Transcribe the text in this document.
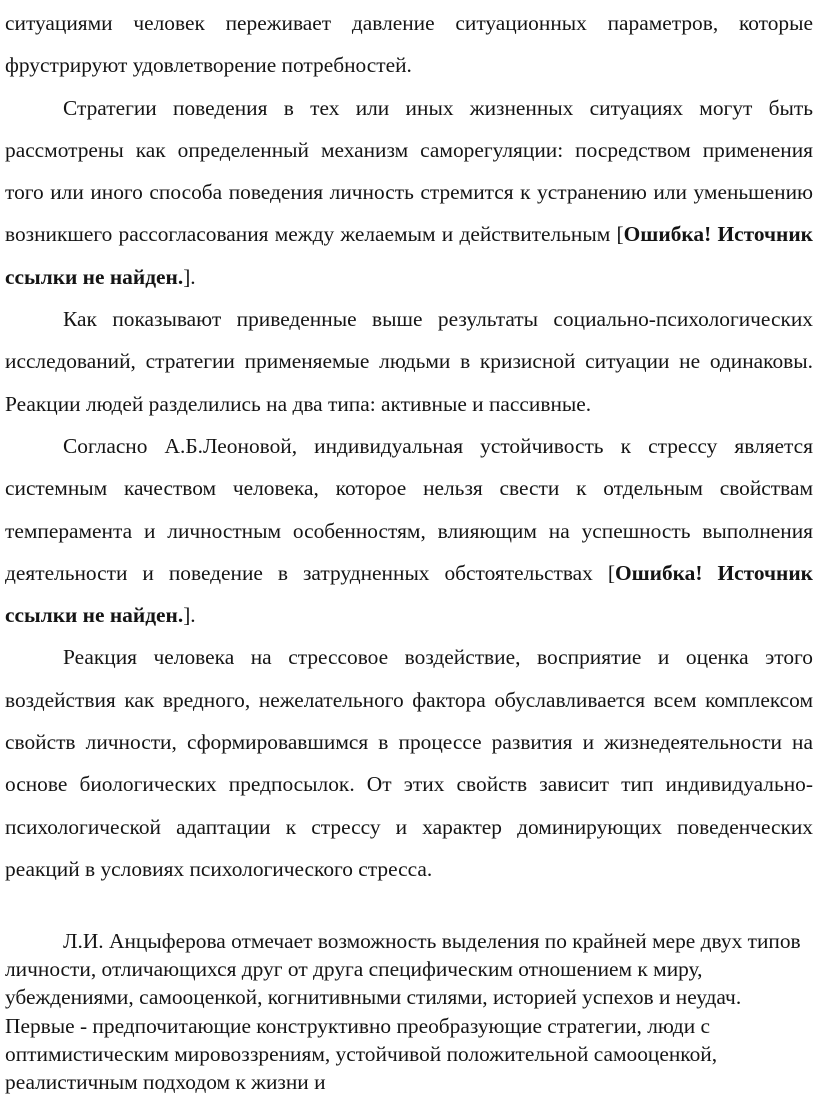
ситуациями человек переживает давление ситуационных параметров, которые фрустрируют удовлетворение потребностей.

Стратегии поведения в тех или иных жизненных ситуациях могут быть рассмотрены как определенный механизм саморегуляции: посредством применения того или иного способа поведения личность стремится к устранению или уменьшению возникшего рассогласования между желаемым и действительным [Ошибка! Источник ссылки не найден.].

Как показывают приведенные выше результаты социально-психологических исследований, стратегии применяемые людьми в кризисной ситуации не одинаковы. Реакции людей разделились на два типа: активные и пассивные.

Согласно А.Б.Леоновой, индивидуальная устойчивость к стрессу является системным качеством человека, которое нельзя свести к отдельным свойствам темперамента и личностным особенностям, влияющим на успешность выполнения деятельности и поведение в затрудненных обстоятельствах [Ошибка! Источник ссылки не найден.].

Реакция человека на стрессовое воздействие, восприятие и оценка этого воздействия как вредного, нежелательного фактора обуславливается всем комплексом свойств личности, сформировавшимся в процессе развития и жизнедеятельности на основе биологических предпосылок. От этих свойств зависит тип индивидуально-психологической адаптации к стрессу и характер доминирующих поведенческих реакций в условиях психологического стресса.

Л.И. Анцыферова отмечает возможность выделения по крайней мере двух типов личности, отличающихся друг от друга специфическим отношением к миру, убеждениями, самооценкой, когнитивными стилями, историей успехов и неудач. Первые - предпочитающие конструктивно преобразующие стратегии, люди с оптимистическим мировоззрениям, устойчивой положительной самооценкой, реалистичным подходом к жизни и
